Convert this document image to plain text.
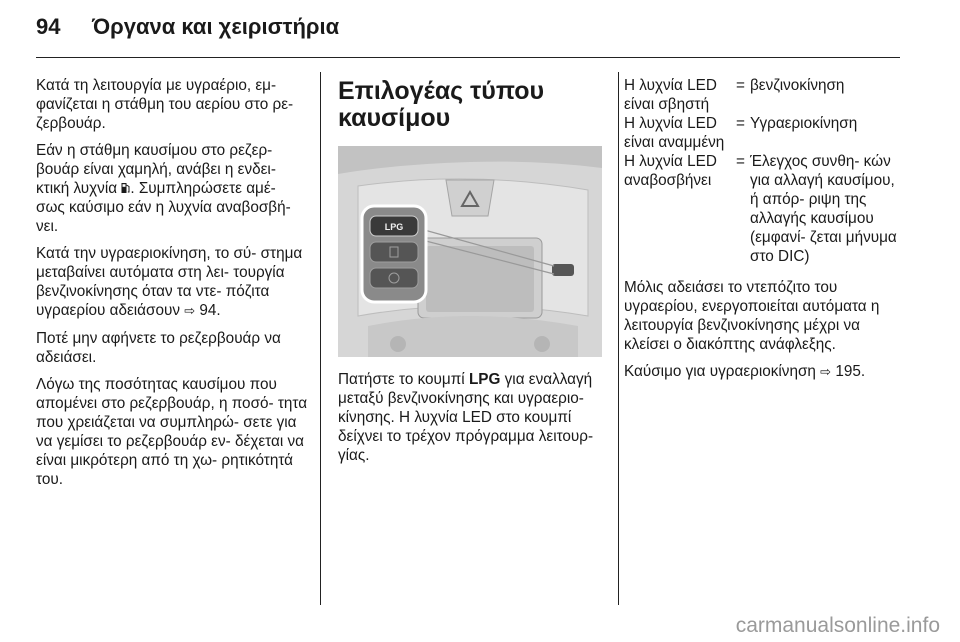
94	Όργανα και χειριστήρια

Κατά τη λειτουργία με υγραέριο, εμ- φανίζεται η στάθμη του αερίου στο ρε- ζερβουάρ.

Εάν η στάθμη καυσίμου στο ρεζερ- βουάρ είναι χαμηλή, ανάβει η ενδει- κτική λυχνία . Συμπληρώσετε αμέ- σως καύσιμο εάν η λυχνία αναβοσβή- νει.

Κατά την υγραεριοκίνηση, το σύ- στημα μεταβαίνει αυτόματα στη λει- τουργία βενζινοκίνησης όταν τα ντε- πόζιτα υγραερίου αδειάσουν ⇨ 94.

Ποτέ μην αφήνετε το ρεζερβουάρ να αδειάσει.

Λόγω της ποσότητας καυσίμου που απομένει στο ρεζερβουάρ, η ποσό- τητα που χρειάζεται να συμπληρώ- σετε για να γεμίσει το ρεζερβουάρ εν- δέχεται να είναι μικρότερη από τη χω- ρητικότητά του.

Επιλογέας τύπου
καυσίμου
LPG

Πατήστε το κουμπί LPG για εναλλαγή μεταξύ βενζινοκίνησης και υγραεριο- κίνησης. Η λυχνία LED στο κουμπί δείχνει το τρέχον πρόγραμμα λειτουρ- γίας.

Η λυχνία LED είναι σβηστή
= βενζινοκίνηση
Η λυχνία LED είναι αναμμένη
= Υγραεριοκίνηση
Η λυχνία LED αναβοσβήνει
= Έλεγχος συνθη- κών για αλλαγή καυσίμου, ή απόρ- ριψη της αλλαγής καυσίμου (εμφανί- ζεται μήνυμα στο DIC)

Μόλις αδειάσει το ντεπόζιτο του υγραερίου, ενεργοποιείται αυτόματα η λειτουργία βενζινοκίνησης μέχρι να κλείσει ο διακόπτης ανάφλεξης.

Καύσιμο για υγραεριοκίνηση ⇨ 195.

carmanualsonline.info
